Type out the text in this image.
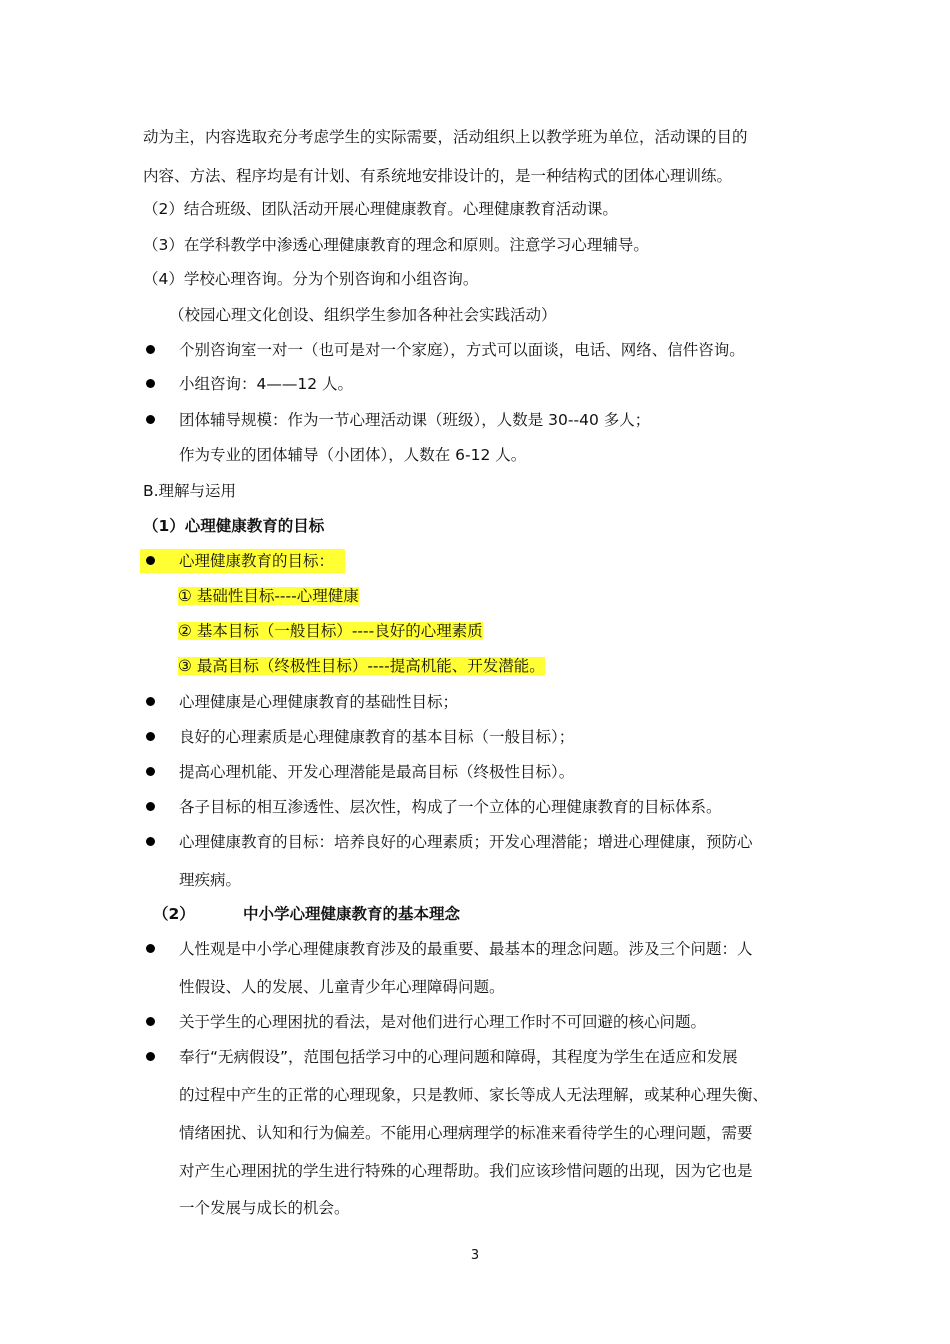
动为主，内容选取充分考虑学生的实际需要，活动组织上以教学班为单位，活动课的目的
内容、方法、程序均是有计划、有系统地安排设计的，是一种结构式的团体心理训练。
（2）结合班级、团队活动开展心理健康教育。心理健康教育活动课。
（3）在学科教学中渗透心理健康教育的理念和原则。注意学习心理辅导。
（4）学校心理咨询。分为个别咨询和小组咨询。
（校园心理文化创设、组织学生参加各种社会实践活动）
个别咨询室一对一（也可是对一个家庭），方式可以面谈，电话、网络、信件咨询。
小组咨询：4——12 人。
团体辅导规模：作为一节心理活动课（班级），人数是 30--40 多人；
作为专业的团体辅导（小团体），人数在 6-12 人。
B.理解与运用
（1）心理健康教育的目标
心理健康教育的目标：
① 基础性目标----心理健康
② 基本目标（一般目标）----良好的心理素质
③ 最高目标（终极性目标）----提高机能、开发潜能。
心理健康是心理健康教育的基础性目标；
良好的心理素质是心理健康教育的基本目标（一般目标）；
提高心理机能、开发心理潜能是最高目标（终极性目标）。
各子目标的相互渗透性、层次性，构成了一个立体的心理健康教育的目标体系。
心理健康教育的目标：培养良好的心理素质；开发心理潜能；增进心理健康，预防心
理疾病。
（2）	中小学心理健康教育的基本理念
人性观是中小学心理健康教育涉及的最重要、最基本的理念问题。涉及三个问题：人
性假设、人的发展、儿童青少年心理障碍问题。
关于学生的心理困扰的看法，是对他们进行心理工作时不可回避的核心问题。
奉行“无病假设”，范围包括学习中的心理问题和障碍，其程度为学生在适应和发展
的过程中产生的正常的心理现象，只是教师、家长等成人无法理解，或某种心理失衡、
情绪困扰、认知和行为偏差。不能用心理病理学的标准来看待学生的心理问题，需要
对产生心理困扰的学生进行特殊的心理帮助。我们应该珍惜问题的出现，因为它也是
一个发展与成长的机会。
3
